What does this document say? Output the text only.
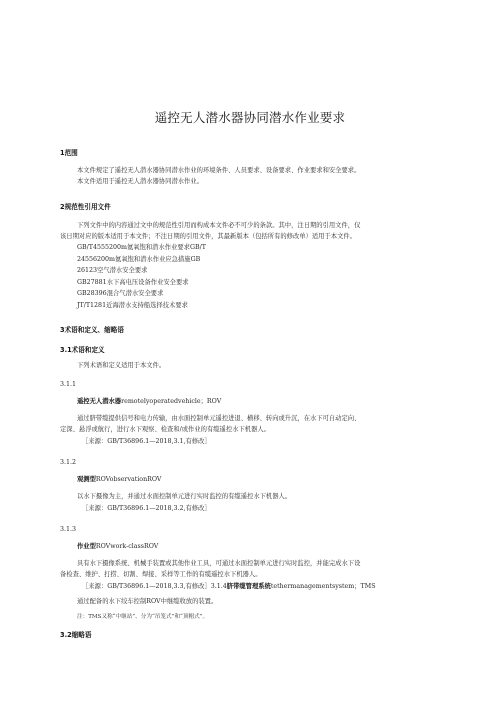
遥控无人潜水器协同潜水作业要求
1范围
本文件规定了遥控无人潜水器协同潜水作业的环境条件、人员要求、设备要求、作业要求和安全要求。
本文件适用于遥控无人潜水器协同潜水作业。
2规范性引用文件
下列文件中的内容通过文中的规范性引用而构成本文件必不可少的条款。其中，注日期的引用文件，仅
该日期对应的版本适用于本文件；不注日期的引用文件，其最新版本（包括所有的修改单）适用于本文件。
GB/T4555200m氦氧饱和潜水作业要求GB/T
24556200m氦氧饱和潜水作业应急措施GB
26123空气潜水安全要求
GB27881水下高电压设备作业安全要求
GB28396混合气潜水安全要求
JT/T1281近海潜水支持船选择技术要求
3术语和定义、缩略语
3.1术语和定义
下列术语和定义适用于本文件。
3.1.1
遥控无人潜水器remotelyoperatedvehicle；ROV
通过脐带缆提供信号和电力传输，由水面控制单元遥控进退、横移、转向或升沉，在水下可自动定向、
定深、悬浮或航行，进行水下观察、检查和/或作业的有缆遥控水下机器人。
［来源：GB/T36896.1—2018,3.1,有修改］
3.1.2
观测型ROVobservationROV
以水下摄像为主，并通过水面控制单元进行实时监控的有缆遥控水下机器人。
［来源：GB/T36896.1—2018,3.2,有修改］
3.1.3
作业型ROVwork-classROV
具有水下摄像系统、机械手装置或其他作业工具，可通过水面控制单元进行实时监控，并能完成水下设
备检查、维护、打捞、切割、焊接、采样等工作的有缆遥控水下机器人。
［来源：GB/T36896.1—2018,3.3,有修改］3.1.4脐带缆管理系统tethermanagementsystem；TMS
通过配备的水下绞车控制ROV中继缆收放的装置。
注：TMS又称“中继站”、分为“吊笼式”和“顶帽式”。
3.2缩略语
